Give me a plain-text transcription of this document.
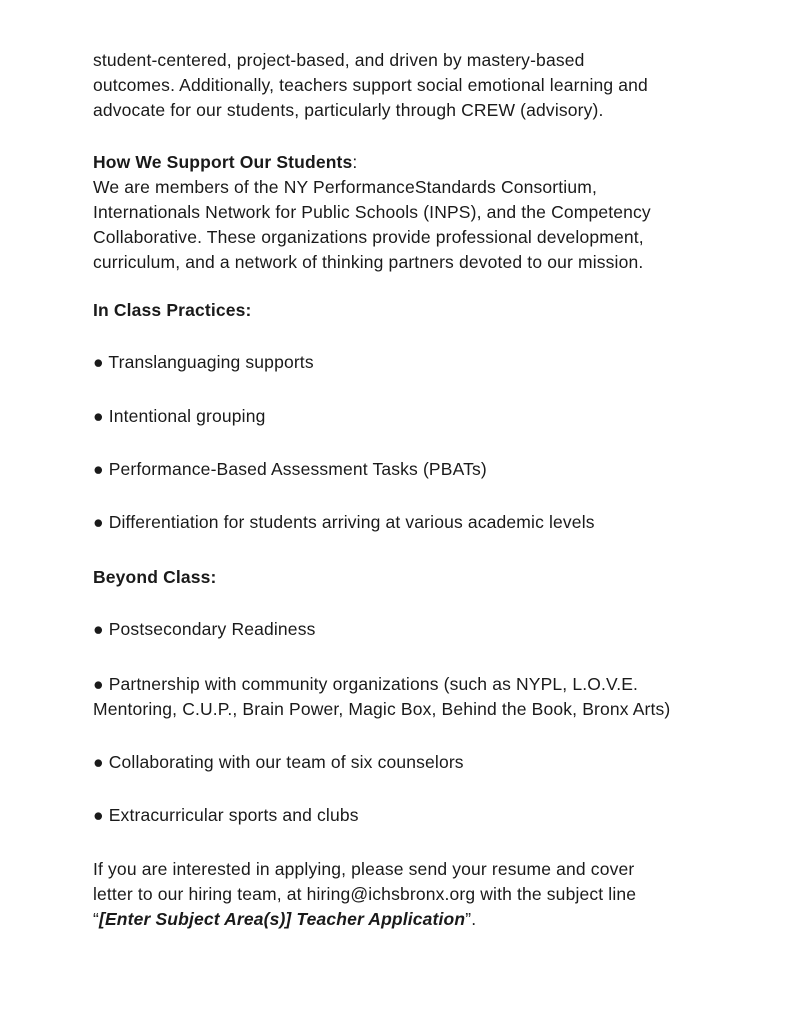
student-centered, project-based, and driven by mastery-based
outcomes. Additionally, teachers support social emotional learning and
advocate for our students, particularly through CREW (advisory).
How We Support Our Students:
We are members of the NY PerformanceStandards Consortium,
Internationals Network for Public Schools (INPS), and the Competency
Collaborative. These organizations provide professional development,
curriculum, and a network of thinking partners devoted to our mission.
In Class Practices:
● Translanguaging supports
● Intentional grouping
● Performance-Based Assessment Tasks (PBATs)
● Differentiation for students arriving at various academic levels
Beyond Class:
● Postsecondary Readiness
● Partnership with community organizations (such as NYPL, L.O.V.E.
Mentoring, C.U.P., Brain Power, Magic Box, Behind the Book, Bronx Arts)
● Collaborating with our team of six counselors
● Extracurricular sports and clubs
If you are interested in applying, please send your resume and cover
letter to our hiring team, at hiring@ichsbronx.org with the subject line
“[Enter Subject Area(s)] Teacher Application”.
